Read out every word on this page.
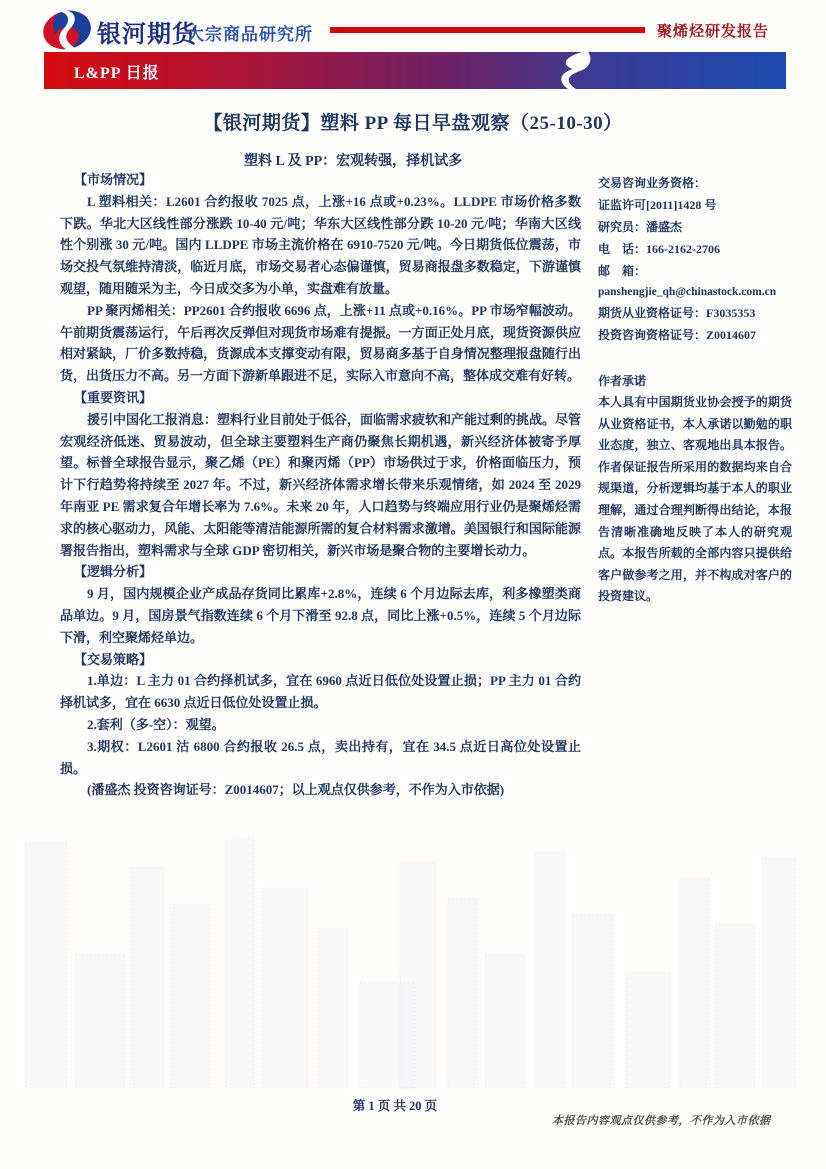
银河期货
大宗商品研究所	聚烯烃研发报告
L&PP 日报
【银河期货】塑料 PP 每日早盘观察（25-10-30）
塑料 L 及 PP：宏观转强，择机试多
【市场情况】

L 塑料相关：L2601 合约报收 7025 点，上涨+16 点或+0.23%。LLDPE 市场价格多数下跌。华北大区线性部分涨跌 10-40 元/吨；华东大区线性部分跌 10-20 元/吨；华南大区线性个别涨 30 元/吨。国内 LLDPE 市场主流价格在 6910-7520 元/吨。今日期货低位震荡，市场交投气氛维持清淡，临近月底，市场交易者心态偏谨慎，贸易商报盘多数稳定，下游谨慎观望，随用随采为主，今日成交多为小单，实盘难有放量。

PP 聚丙烯相关：PP2601 合约报收 6696 点，上涨+11 点或+0.16%。PP 市场窄幅波动。午前期货震荡运行，午后再次反弹但对现货市场难有提振。一方面正处月底，现货资源供应相对紧缺，厂价多数持稳，货源成本支撑变动有限，贸易商多基于自身情况整理报盘随行出货，出货压力不高。另一方面下游新单跟进不足，实际入市意向不高，整体成交难有好转。

【重要资讯】

援引中国化工报消息：塑料行业目前处于低谷，面临需求疲软和产能过剩的挑战。尽管宏观经济低迷、贸易波动，但全球主要塑料生产商仍聚焦长期机遇，新兴经济体被寄予厚望。标普全球报告显示，聚乙烯（PE）和聚丙烯（PP）市场供过于求，价格面临压力，预计下行趋势将持续至 2027 年。不过，新兴经济体需求增长带来乐观情绪，如 2024 至 2029 年南亚 PE 需求复合年增长率为 7.6%。未来 20 年，人口趋势与终端应用行业仍是聚烯烃需求的核心驱动力，风能、太阳能等清洁能源所需的复合材料需求激增。美国银行和国际能源署报告指出，塑料需求与全球 GDP 密切相关，新兴市场是聚合物的主要增长动力。

【逻辑分析】

9 月，国内规模企业产成品存货同比累库+2.8%，连续 6 个月边际去库，利多橡塑类商品单边。9 月，国房景气指数连续 6 个月下滑至 92.8 点，同比上涨+0.5%，连续 5 个月边际下滑，利空聚烯烃单边。

【交易策略】

1.单边：L 主力 01 合约择机试多，宜在 6960 点近日低位处设置止损；PP 主力 01 合约择机试多，宜在 6630 点近日低位处设置止损。

2.套利（多-空）：观望。

3.期权：L2601 沽 6800 合约报收 26.5 点，卖出持有，宜在 34.5 点近日高位处设置止损。

(潘盛杰 投资咨询证号：Z0014607；以上观点仅供参考，不作为入市依据)

交易咨询业务资格：
证监许可[2011]1428 号
研究员：潘盛杰
电　话：166-2162-2706
邮　箱：
panshengjie_qh@chinastock.com.cn
期货从业资格证号：F3035353
投资咨询资格证号：Z0014607
作者承诺
本人具有中国期货业协会授予的期货从业资格证书，本人承诺以勤勉的职业态度，独立、客观地出具本报告。作者保证报告所采用的数据均来自合规渠道，分析逻辑均基于本人的职业理解，通过合理判断得出结论，本报告清晰准确地反映了本人的研究观点。本报告所载的全部内容只提供给客户做参考之用，并不构成对客户的投资建议。
第 1 页 共 20 页
本报告内容观点仅供参考，不作为入市依据
